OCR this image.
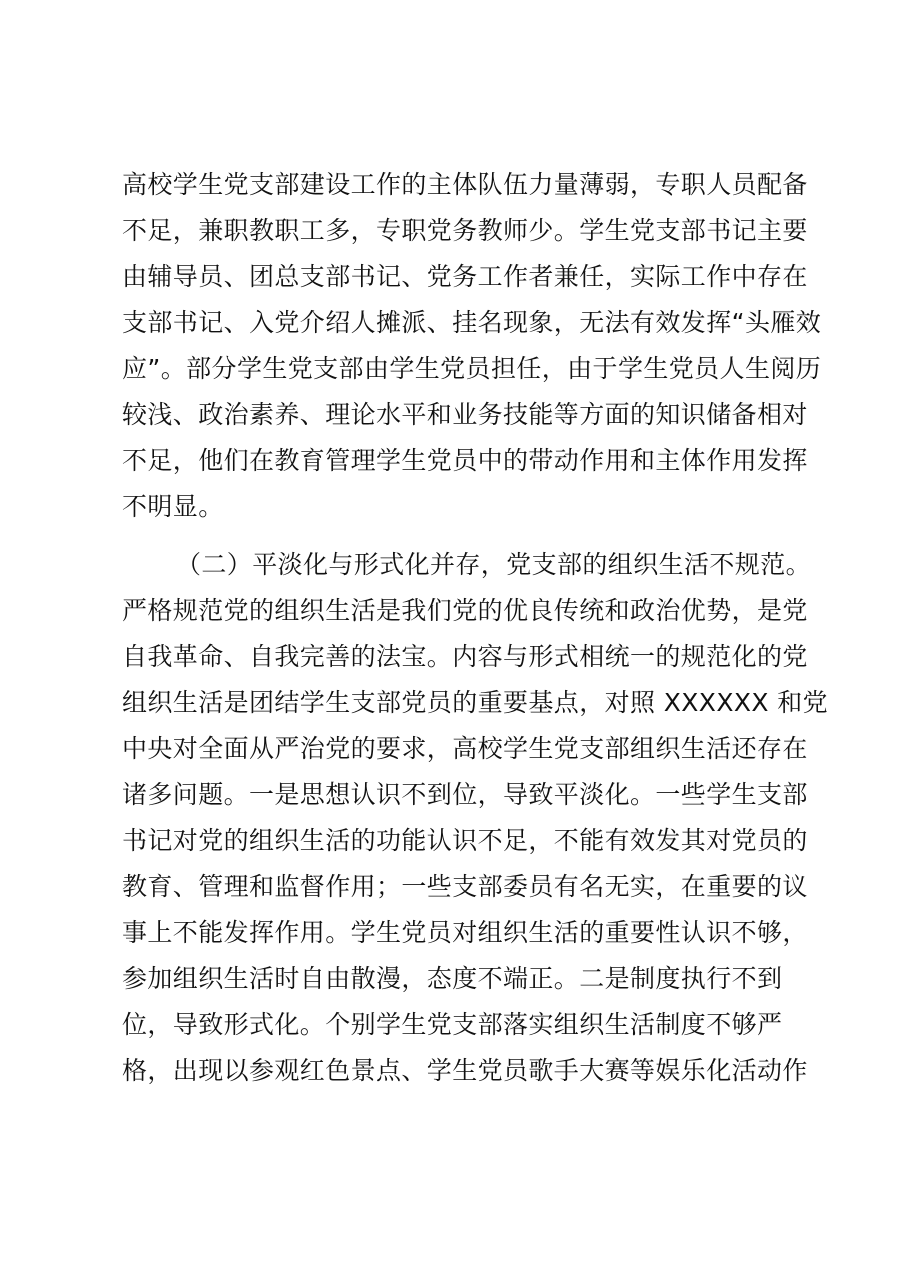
高校学生党支部建设工作的主体队伍力量薄弱，专职人员配备
不足，兼职教职工多，专职党务教师少。学生党支部书记主要
由辅导员、团总支部书记、党务工作者兼任，实际工作中存在
支部书记、入党介绍人摊派、挂名现象，无法有效发挥“头雁效
应”。部分学生党支部由学生党员担任，由于学生党员人生阅历
较浅、政治素养、理论水平和业务技能等方面的知识储备相对
不足，他们在教育管理学生党员中的带动作用和主体作用发挥
不明显。
（二）平淡化与形式化并存，党支部的组织生活不规范。
严格规范党的组织生活是我们党的优良传统和政治优势，是党
自我革命、自我完善的法宝。内容与形式相统一的规范化的党
组织生活是团结学生支部党员的重要基点，对照 XXXXXX 和党
中央对全面从严治党的要求，高校学生党支部组织生活还存在
诸多问题。一是思想认识不到位，导致平淡化。一些学生支部
书记对党的组织生活的功能认识不足，不能有效发其对党员的
教育、管理和监督作用；一些支部委员有名无实，在重要的议
事上不能发挥作用。学生党员对组织生活的重要性认识不够，
参加组织生活时自由散漫，态度不端正。二是制度执行不到
位，导致形式化。个别学生党支部落实组织生活制度不够严
格，出现以参观红色景点、学生党员歌手大赛等娱乐化活动作
